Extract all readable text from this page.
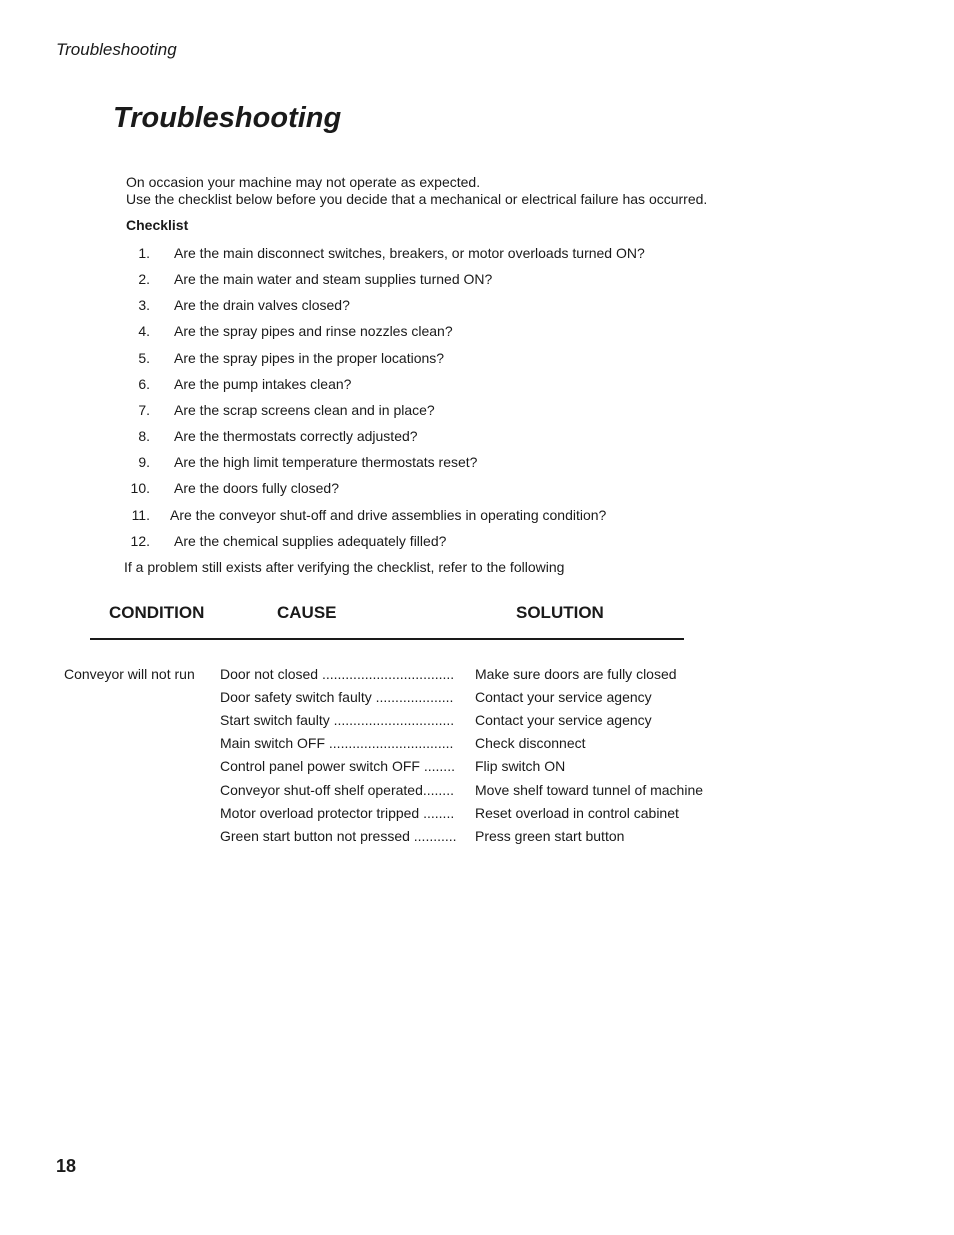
Troubleshooting
Troubleshooting
On occasion your machine may not operate as expected.
Use the checklist below before you decide that a mechanical or electrical failure has occurred.
Checklist
1. Are the main disconnect switches, breakers, or motor overloads turned ON?
2. Are the main water and steam supplies turned ON?
3. Are the drain valves closed?
4. Are the spray pipes and rinse nozzles clean?
5. Are the spray pipes in the proper locations?
6. Are the pump intakes clean?
7. Are the scrap screens clean and in place?
8. Are the thermostats correctly adjusted?
9. Are the high limit temperature thermostats reset?
10. Are the doors fully closed?
11. Are the conveyor shut-off and drive assemblies in operating condition?
12. Are the chemical supplies adequately filled?
If a problem still exists after verifying the checklist, refer to the following
CONDITION	CAUSE	SOLUTION
Conveyor will not run Door not closed .................................. Make sure doors are fully closed
Door safety switch faulty .................... Contact your service agency
Start switch faulty ............................... Contact your service agency
Main switch OFF ................................ Check disconnect
Control panel power switch OFF ........ Flip switch ON
Conveyor shut-off shelf operated........ Move shelf toward tunnel of machine
Motor overload protector tripped ........ Reset overload in control cabinet
Green start button not pressed ........... Press green start button
18
